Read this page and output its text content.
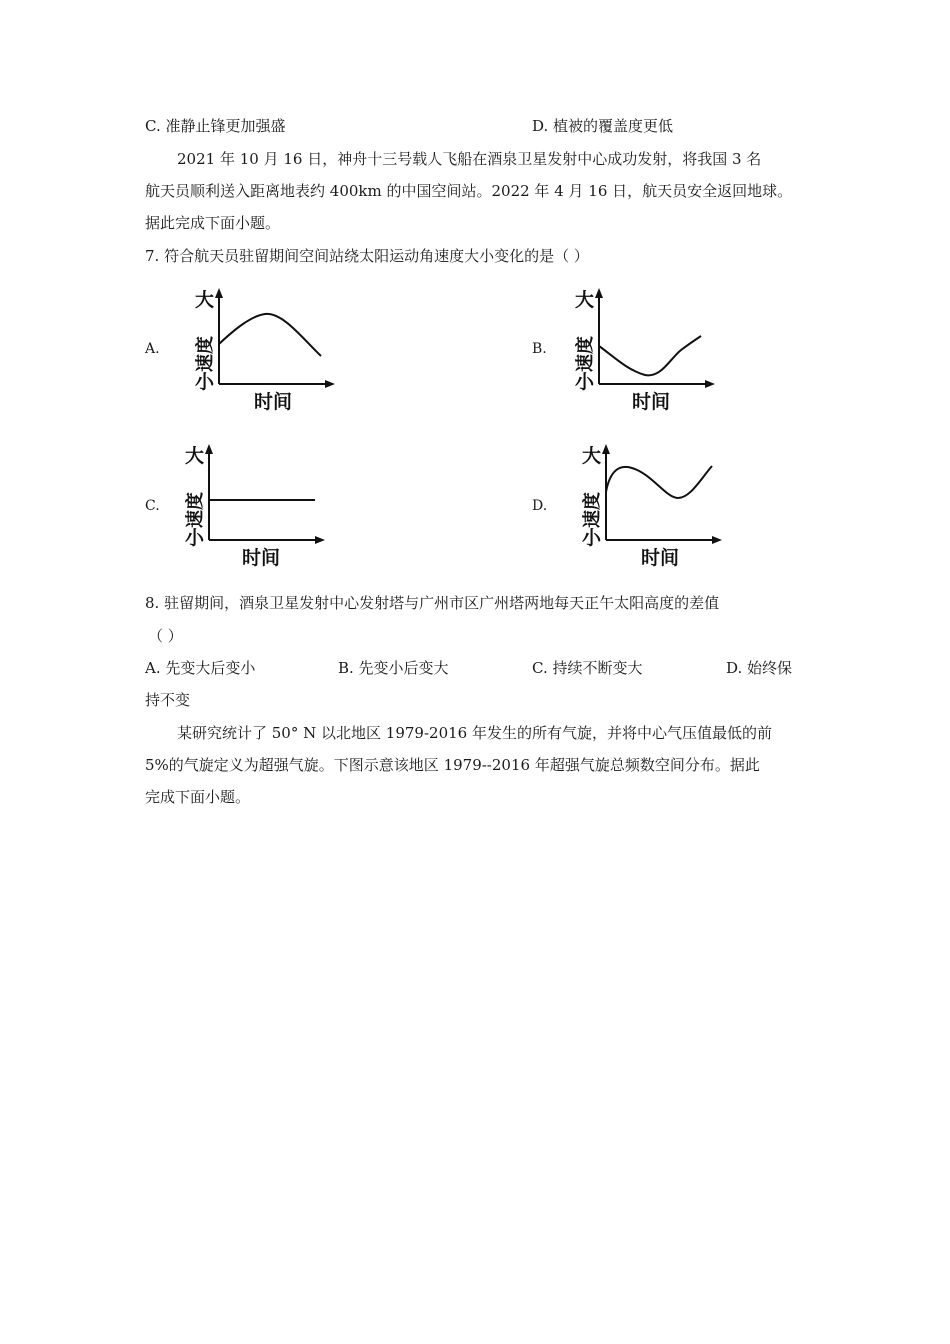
C. 准静止锋更加强盛	D. 植被的覆盖度更低
2021 年 10 月 16 日，神舟十三号载人飞船在酒泉卫星发射中心成功发射，将我国 3 名
航天员顺利送入距离地表约 400km 的中国空间站。2022 年 4 月 16 日，航天员安全返回地球。
据此完成下面小题。
7. 符合航天员驻留期间空间站绕太阳运动角速度大小变化的是（ ）
A.
大
小
速度
时间
B.
大
小
速度
时间
C.
大
小
速度
时间
D.
大
小
速度
时间
8. 驻留期间，酒泉卫星发射中心发射塔与广州市区广州塔两地每天正午太阳高度的差值
（ ）
A. 先变大后变小	B. 先变小后变大	C. 持续不断变大	D. 始终保
持不变
某研究统计了 50° N 以北地区 1979-2016 年发生的所有气旋，并将中心气压值最低的前
5%的气旋定义为超强气旋。下图示意该地区 1979--2016 年超强气旋总频数空间分布。据此
完成下面小题。
